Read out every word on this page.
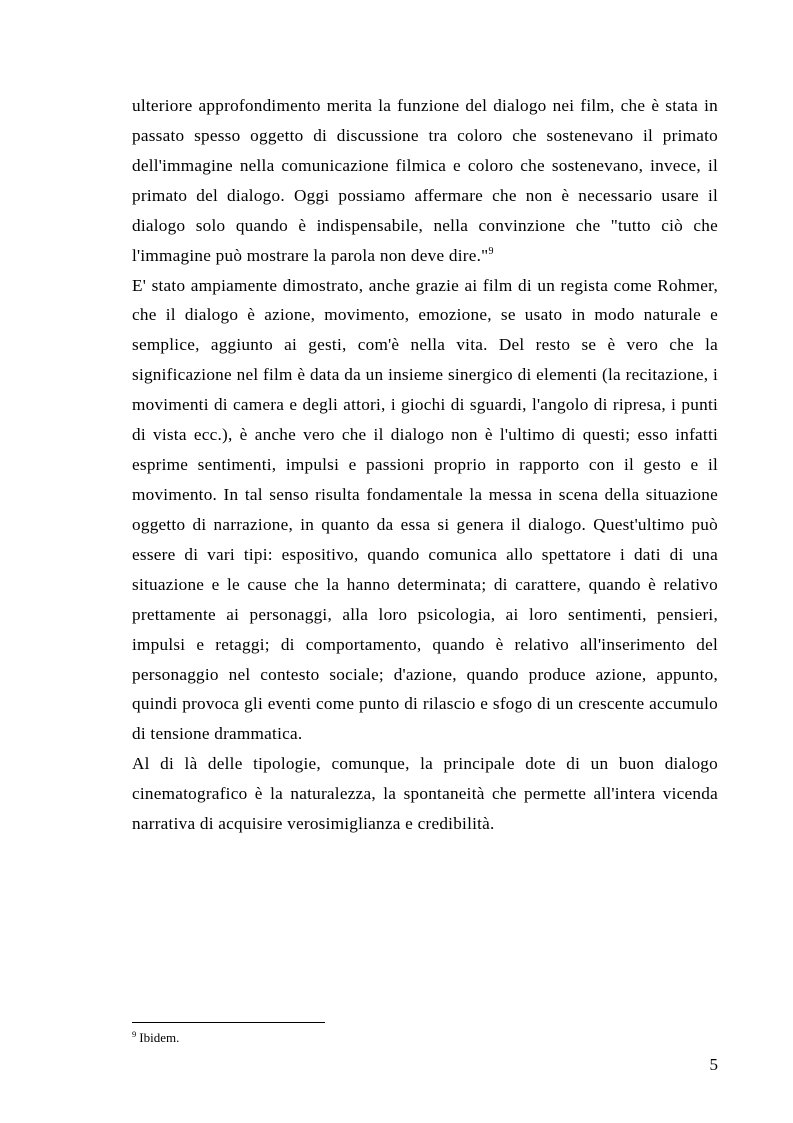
ulteriore approfondimento merita la funzione del dialogo nei film, che è stata in passato spesso oggetto di discussione tra coloro che sostenevano il primato dell'immagine nella comunicazione filmica e coloro che sostenevano, invece, il primato del dialogo. Oggi possiamo affermare che non è necessario usare il dialogo solo quando è indispensabile, nella convinzione che "tutto ciò che l'immagine può mostrare la parola non deve dire."$^9$

E' stato ampiamente dimostrato, anche grazie ai film di un regista come Rohmer, che il dialogo è azione, movimento, emozione, se usato in modo naturale e semplice, aggiunto ai gesti, com'è nella vita. Del resto se è vero che la significazione nel film è data da un insieme sinergico di elementi (la recitazione, i movimenti di camera e degli attori, i giochi di sguardi, l'angolo di ripresa, i punti di vista ecc.), è anche vero che il dialogo non è l'ultimo di questi; esso infatti esprime sentimenti, impulsi e passioni proprio in rapporto con il gesto e il movimento. In tal senso risulta fondamentale la messa in scena della situazione oggetto di narrazione, in quanto da essa si genera il dialogo. Quest'ultimo può essere di vari tipi: espositivo, quando comunica allo spettatore i dati di una situazione e le cause che la hanno determinata; di carattere, quando è relativo prettamente ai personaggi, alla loro psicologia, ai loro sentimenti, pensieri, impulsi e retaggi; di comportamento, quando è relativo all'inserimento del personaggio nel contesto sociale; d'azione, quando produce azione, appunto, quindi provoca gli eventi come punto di rilascio e sfogo di un crescente accumulo di tensione drammatica.

Al di là delle tipologie, comunque, la principale dote di un buon dialogo cinematografico è la naturalezza, la spontaneità che permette all'intera vicenda narrativa di acquisire verosimiglianza e credibilità.

$^9$ Ibidem.
5
